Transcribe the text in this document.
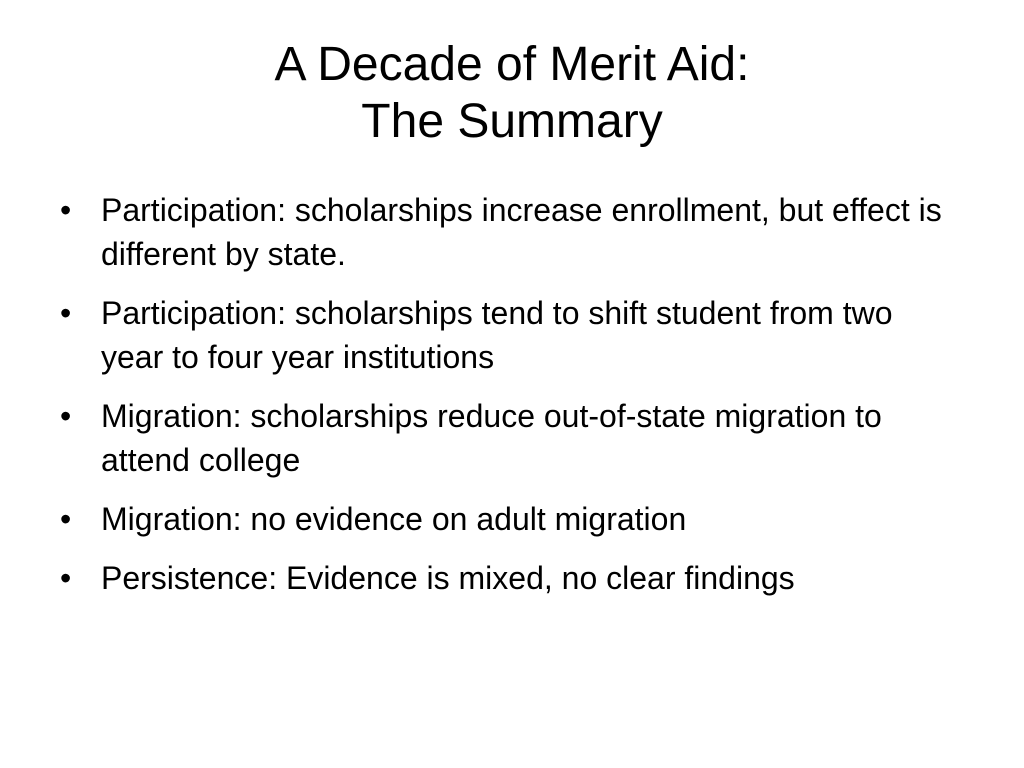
A Decade of Merit Aid:
The Summary
• Participation: scholarships increase enrollment, but effect is different by state.
• Participation: scholarships tend to shift student from two year to four year institutions
• Migration: scholarships reduce out-of-state migration to attend college
• Migration: no evidence on adult migration
• Persistence: Evidence is mixed, no clear findings
